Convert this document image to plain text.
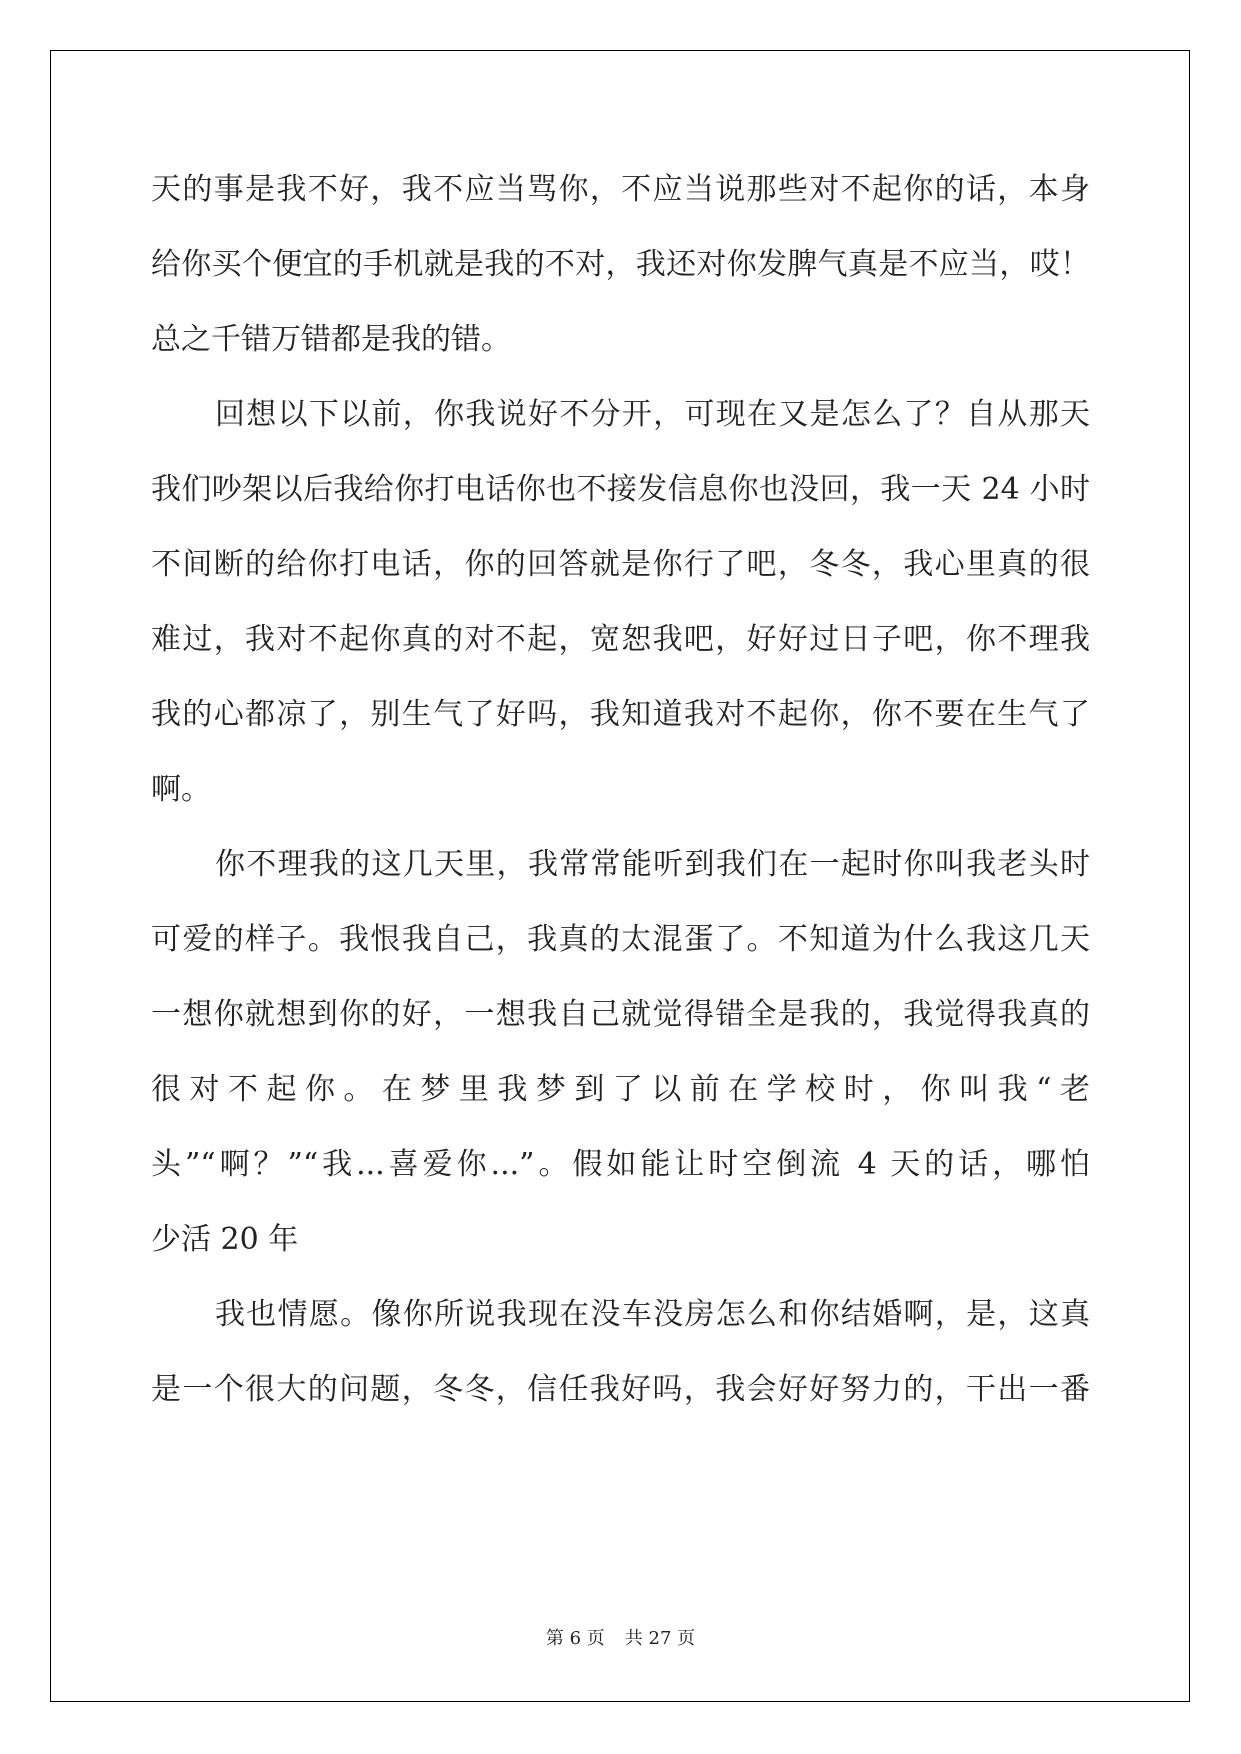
天的事是我不好，我不应当骂你，不应当说那些对不起你的话，本身
给你买个便宜的手机就是我的不对，我还对你发脾气真是不应当，哎！
总之千错万错都是我的错。
回想以下以前，你我说好不分开，可现在又是怎么了？自从那天
我们吵架以后我给你打电话你也不接发信息你也没回，我一天 24 小时
不间断的给你打电话，你的回答就是你行了吧，冬冬，我心里真的很
难过，我对不起你真的对不起，宽恕我吧，好好过日子吧，你不理我
我的心都凉了，别生气了好吗，我知道我对不起你，你不要在生气了
啊。
你不理我的这几天里，我常常能听到我们在一起时你叫我老头时
可爱的样子。我恨我自己，我真的太混蛋了。不知道为什么我这几天
一想你就想到你的好，一想我自己就觉得错全是我的，我觉得我真的
很对不起你。在梦里我梦到了以前在学校时，你叫我“老
头”“啊？”“我...喜爱你...”。假如能让时空倒流 4 天的话，哪怕
少活 20 年
我也情愿。像你所说我现在没车没房怎么和你结婚啊，是，这真
是一个很大的问题，冬冬，信任我好吗，我会好好努力的，干出一番
第 6 页 共 27 页
